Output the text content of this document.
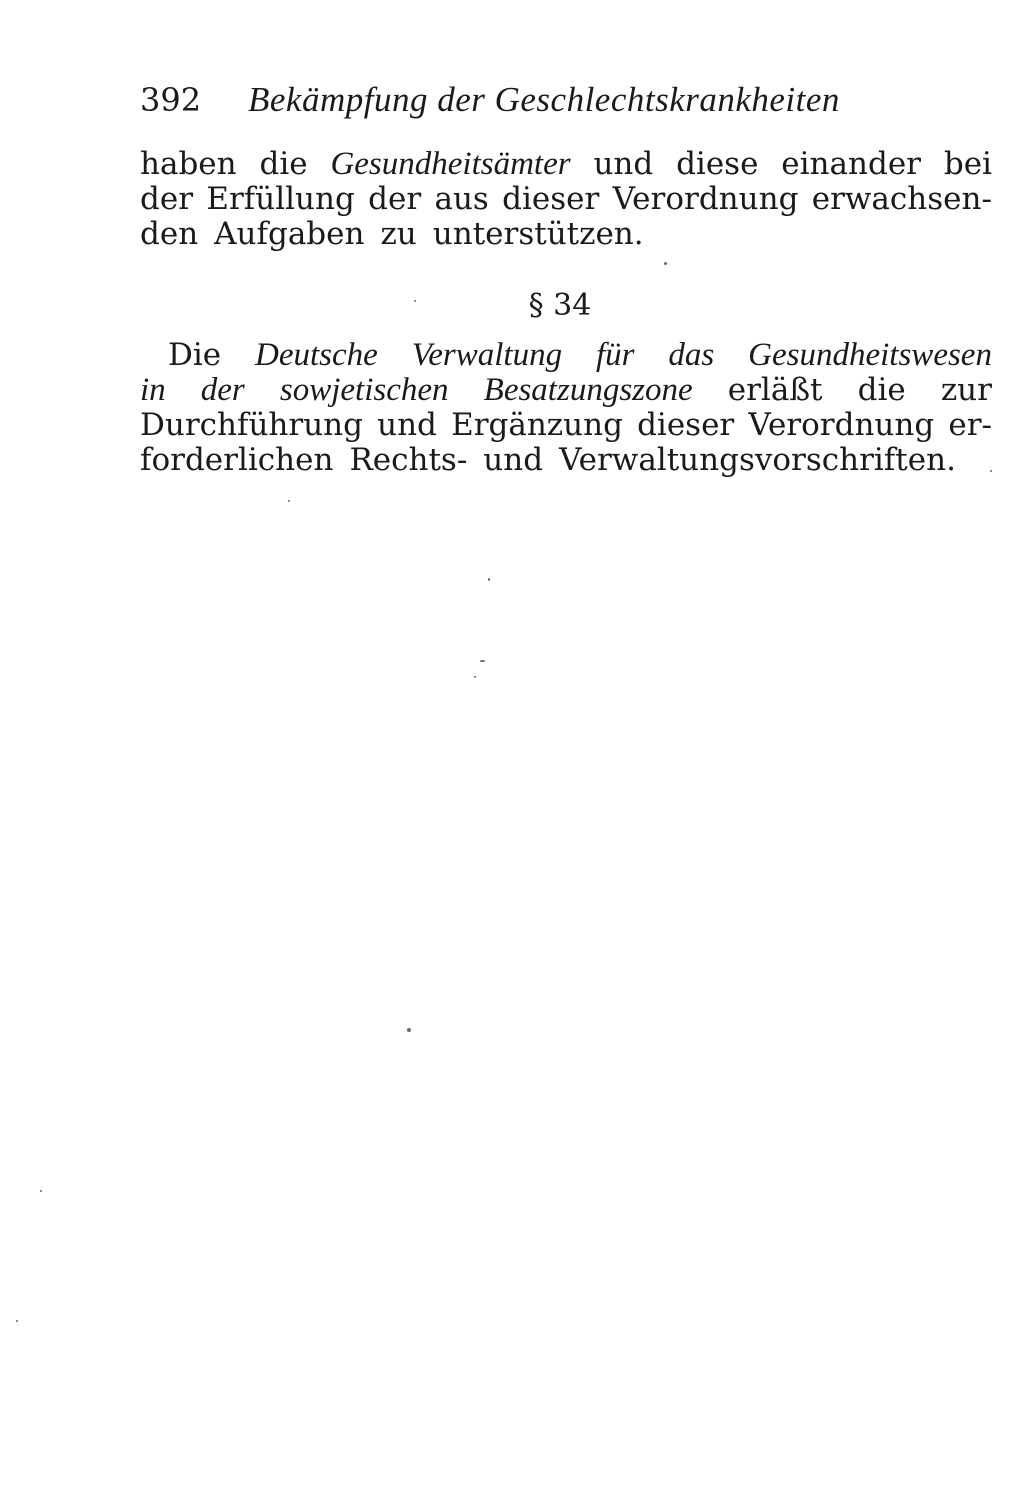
392 Bekämpfung der Geschlechtskrankheiten
haben die Gesundheitsämter und diese einander bei
der Erfüllung der aus dieser Verordnung erwachsen-
den Aufgaben zu unterstützen.
§ 34
Die Deutsche Verwaltung für das Gesundheitswesen
in der sowjetischen Besatzungszone erläßt die zur
Durchführung und Ergänzung dieser Verordnung er-
forderlichen Rechts- und Verwaltungsvorschriften.
